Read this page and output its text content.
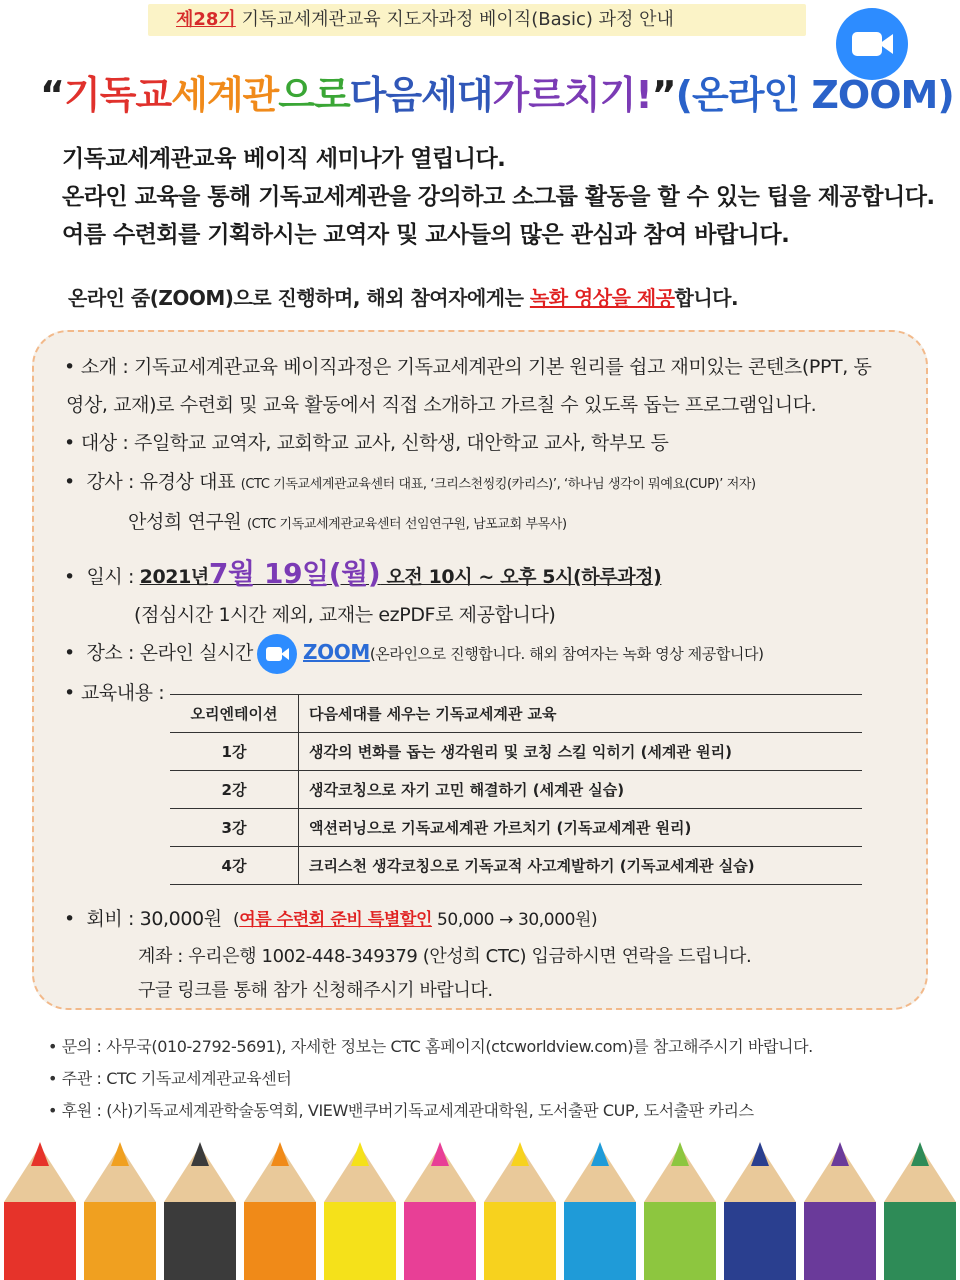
제28기 기독교세계관교육 지도자과정 베이직(Basic) 과정 안내
“기독교세계관으로다음세대가르치기!”(온라인 ZOOM)
기독교세계관교육 베이직 세미나가 열립니다.
온라인 교육을 통해 기독교세계관을 강의하고 소그룹 활동을 할 수 있는 팁을 제공합니다.
여름 수련회를 기획하시는 교역자 및 교사들의 많은 관심과 참여 바랍니다.
온라인 줌(ZOOM)으로 진행하며, 해외 참여자에게는 녹화 영상을 제공합니다.
• 소개 : 기독교세계관교육 베이직과정은 기독교세계관의 기본 원리를 쉽고 재미있는 콘텐츠(PPT, 동
영상, 교재)로 수련회 및 교육 활동에서 직접 소개하고 가르칠 수 있도록 돕는 프로그램입니다.
• 대상 : 주일학교 교역자, 교회학교 교사, 신학생, 대안학교 교사, 학부모 등
• 강사 : 유경상 대표 (CTC 기독교세계관교육센터 대표, ‘크리스천씽킹(카리스)’, ‘하나님 생각이 뭐예요(CUP)’ 저자)
안성희 연구원 (CTC 기독교세계관교육센터 선임연구원, 남포교회 부목사)
• 일시 : 2021년7월 19일(월) 오전 10시 ~ 오후 5시(하루과정)
(점심시간 1시간 제외, 교재는 ezPDF로 제공합니다)
• 장소 : 온라인 실시간	ZOOM(온라인으로 진행합니다. 해외 참여자는 녹화 영상 제공합니다)
• 교육내용 :
오리엔테이션	다음세대를 세우는 기독교세계관 교육
1강	생각의 변화를 돕는 생각원리 및 코칭 스킬 익히기 (세계관 원리)
2강	생각코칭으로 자기 고민 해결하기 (세계관 실습)
3강	액션러닝으로 기독교세계관 가르치기 (기독교세계관 원리)
4강	크리스천 생각코칭으로 기독교적 사고계발하기 (기독교세계관 실습)
• 회비 : 30,000원 (여름 수련회 준비 특별할인 50,000 → 30,000원)
계좌 : 우리은행 1002-448-349379 (안성희 CTC) 입금하시면 연락을 드립니다.
구글 링크를 통해 참가 신청해주시기 바랍니다.
• 문의 : 사무국(010-2792-5691), 자세한 정보는 CTC 홈페이지(ctcworldview.com)를 참고해주시기 바랍니다.
• 주관 : CTC 기독교세계관교육센터
• 후원 : (사)기독교세계관학술동역회, VIEW밴쿠버기독교세계관대학원, 도서출판 CUP, 도서출판 카리스
